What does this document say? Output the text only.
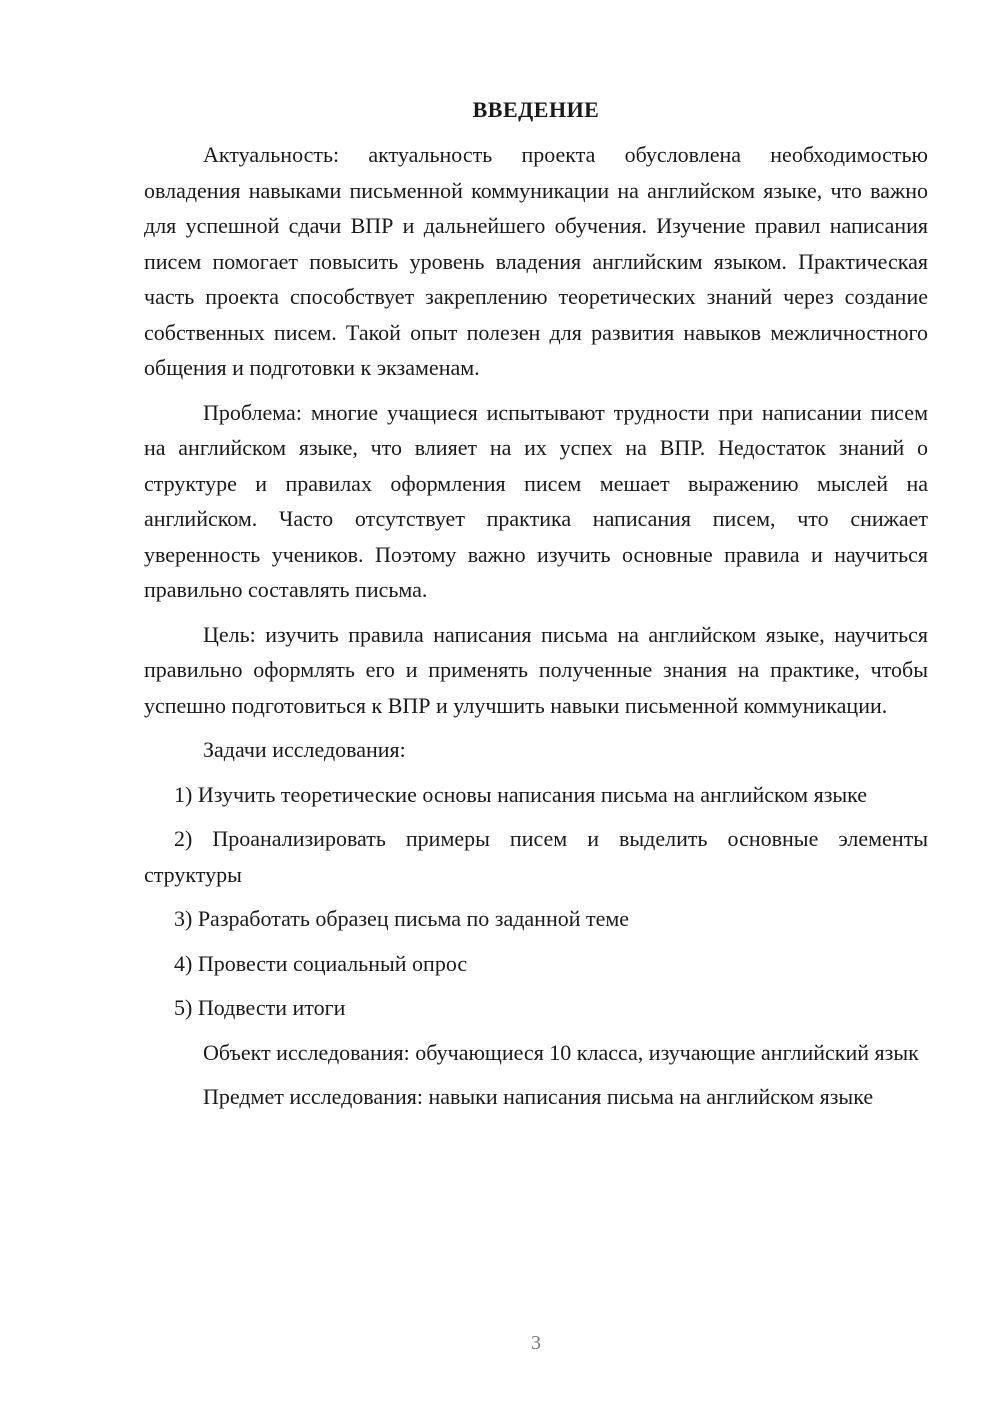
ВВЕДЕНИЕ

Актуальность: актуальность проекта обусловлена необходимостью овладения навыками письменной коммуникации на английском языке, что важно для успешной сдачи ВПР и дальнейшего обучения. Изучение правил написания писем помогает повысить уровень владения английским языком. Практическая часть проекта способствует закреплению теоретических знаний через создание собственных писем. Такой опыт полезен для развития навыков межличностного общения и подготовки к экзаменам.

Проблема: многие учащиеся испытывают трудности при написании писем на английском языке, что влияет на их успех на ВПР. Недостаток знаний о структуре и правилах оформления писем мешает выражению мыслей на английском. Часто отсутствует практика написания писем, что снижает уверенность учеников. Поэтому важно изучить основные правила и научиться правильно составлять письма.

Цель: изучить правила написания письма на английском языке, научиться правильно оформлять его и применять полученные знания на практике, чтобы успешно подготовиться к ВПР и улучшить навыки письменной коммуникации.

Задачи исследования:

1) Изучить теоретические основы написания письма на английском языке

2) Проанализировать примеры писем и выделить основные элементы структуры

3) Разработать образец письма по заданной теме

4) Провести социальный опрос

5) Подвести итоги

Объект исследования: обучающиеся 10 класса, изучающие английский язык

Предмет исследования: навыки написания письма на английском языке

3
